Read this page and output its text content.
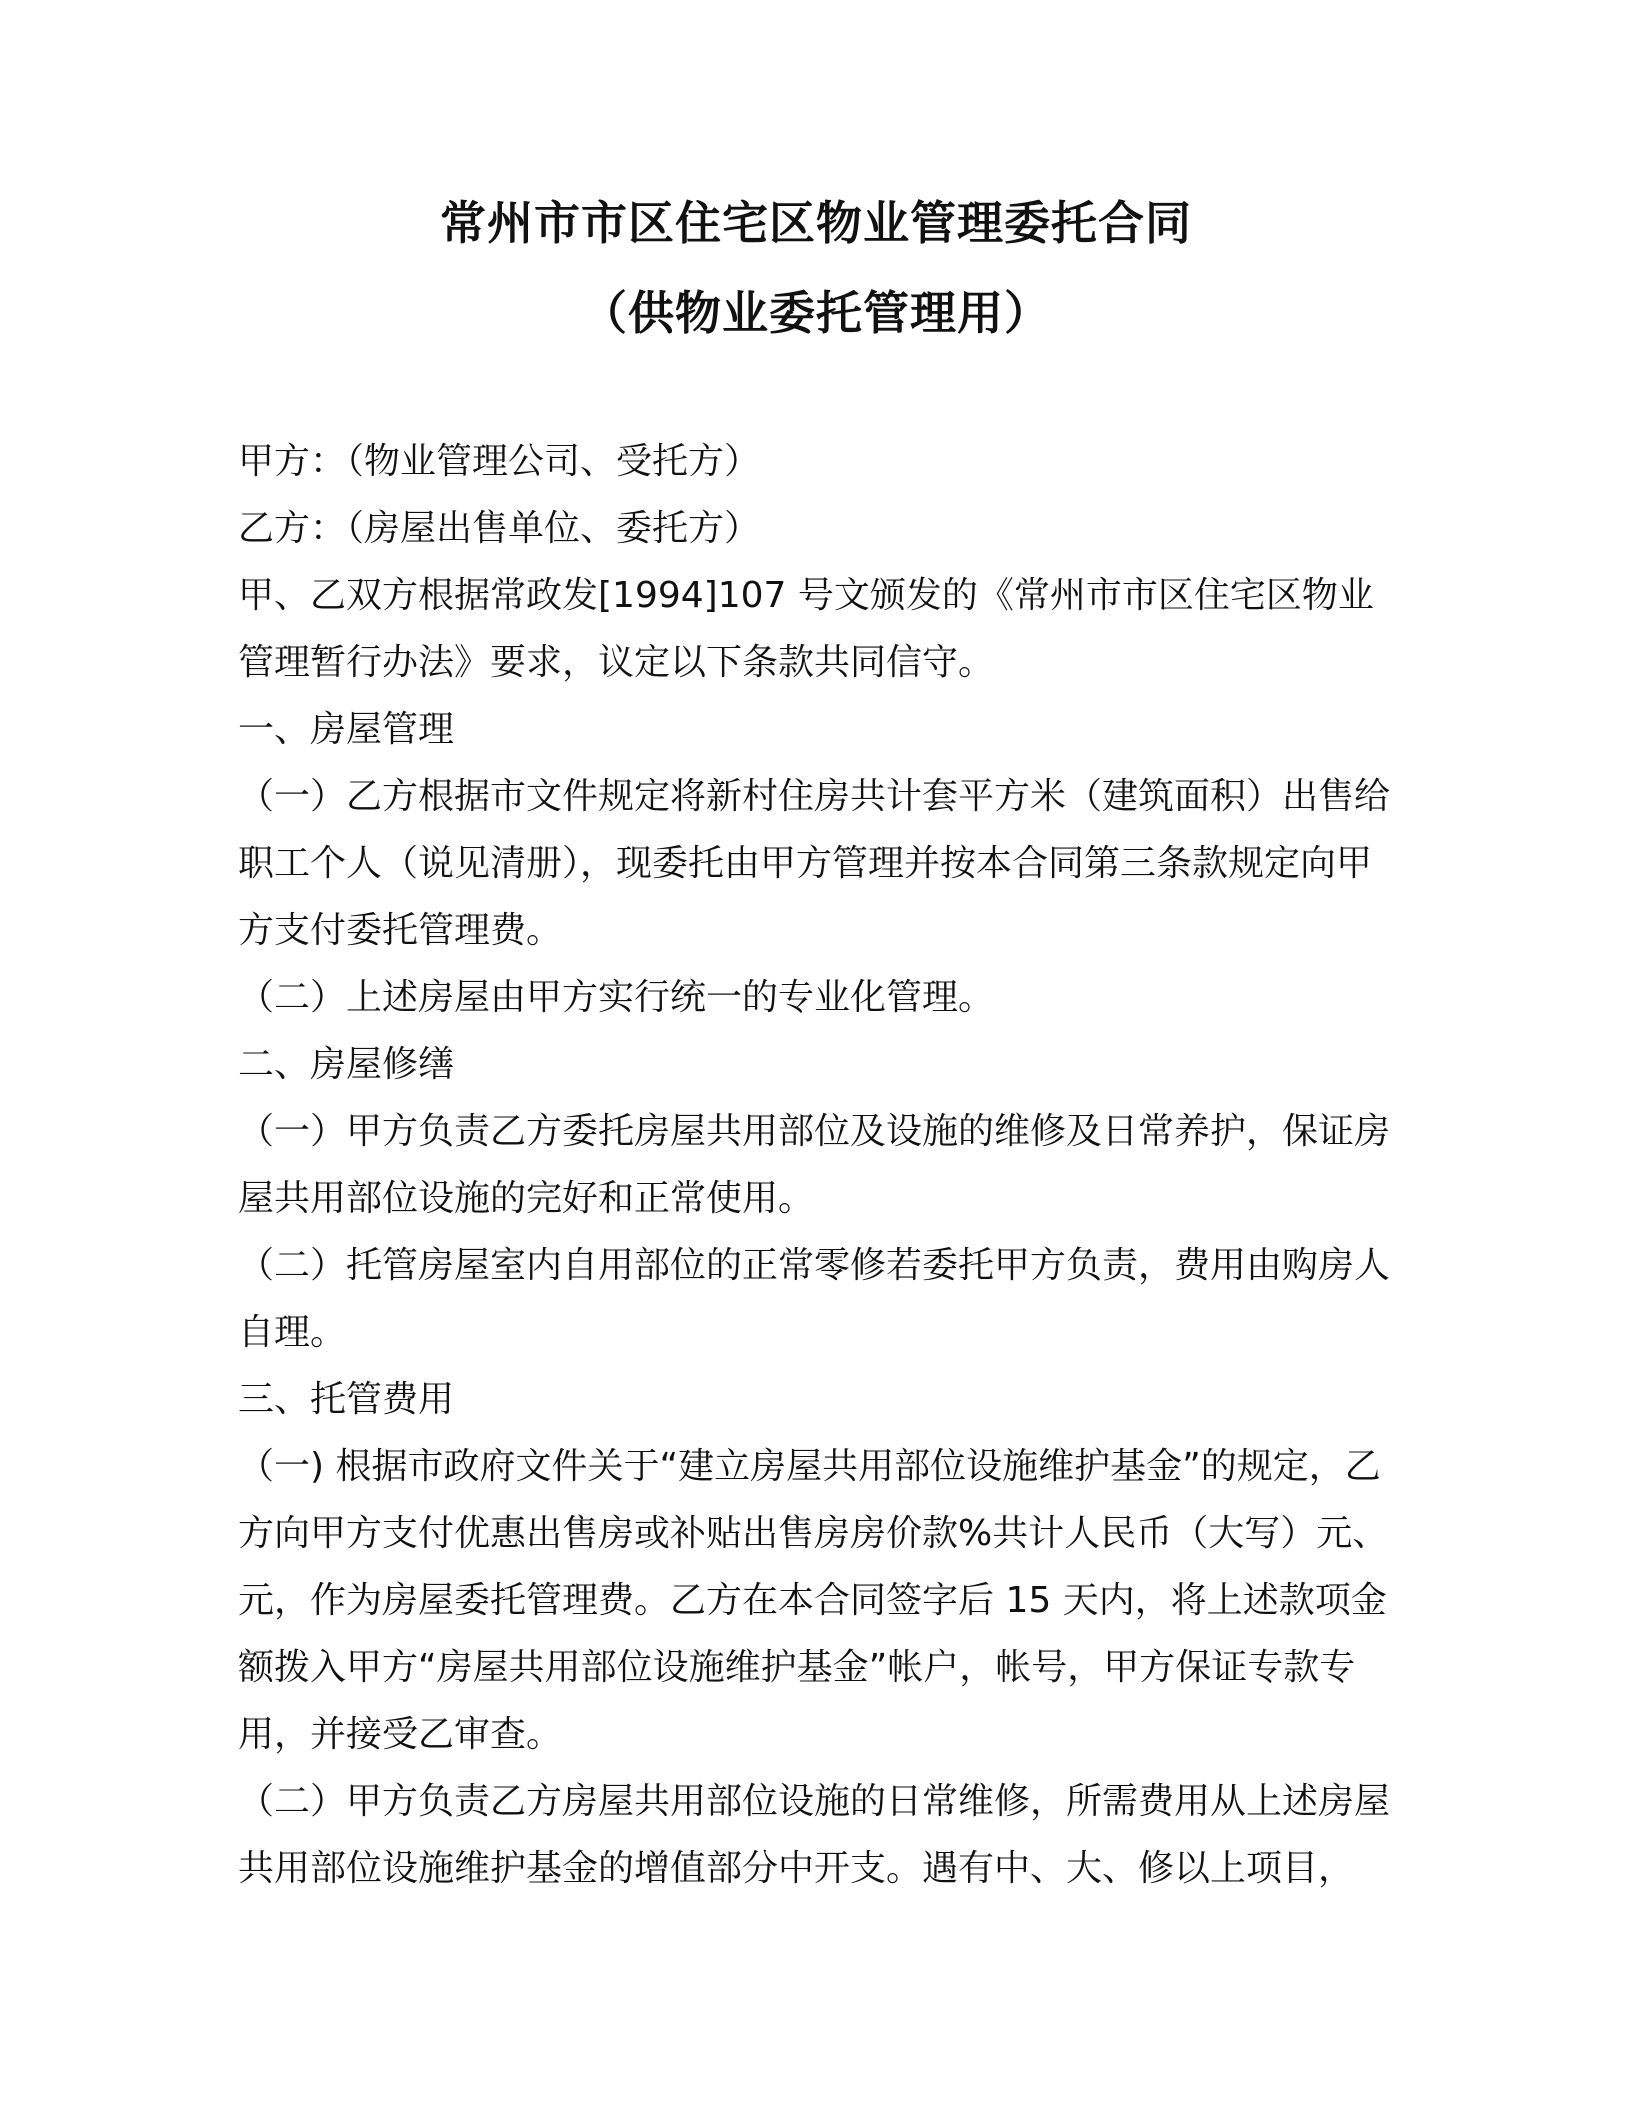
常州市市区住宅区物业管理委托合同
（供物业委托管理用）

甲方：（物业管理公司、受托方）

乙方：（房屋出售单位、委托方）

甲、乙双方根据常政发[1994]107 号文颁发的《常州市市区住宅区物业管理暂行办法》要求，议定以下条款共同信守。

一、房屋管理

（一）乙方根据市文件规定将新村住房共计套平方米（建筑面积）出售给职工个人（说见清册），现委托由甲方管理并按本合同第三条款规定向甲方支付委托管理费。

（二）上述房屋由甲方实行统一的专业化管理。

二、房屋修缮

（一）甲方负责乙方委托房屋共用部位及设施的维修及日常养护，保证房屋共用部位设施的完好和正常使用。

（二）托管房屋室内自用部位的正常零修若委托甲方负责，费用由购房人自理。

三、托管费用

（一) 根据市政府文件关于“建立房屋共用部位设施维护基金”的规定，乙方向甲方支付优惠出售房或补贴出售房房价款%共计人民币（大写）元、元，作为房屋委托管理费。乙方在本合同签字后 15 天内，将上述款项金额拨入甲方“房屋共用部位设施维护基金”帐户，帐号，甲方保证专款专用，并接受乙审查。

（二）甲方负责乙方房屋共用部位设施的日常维修，所需费用从上述房屋共用部位设施维护基金的增值部分中开支。遇有中、大、修以上项目，
